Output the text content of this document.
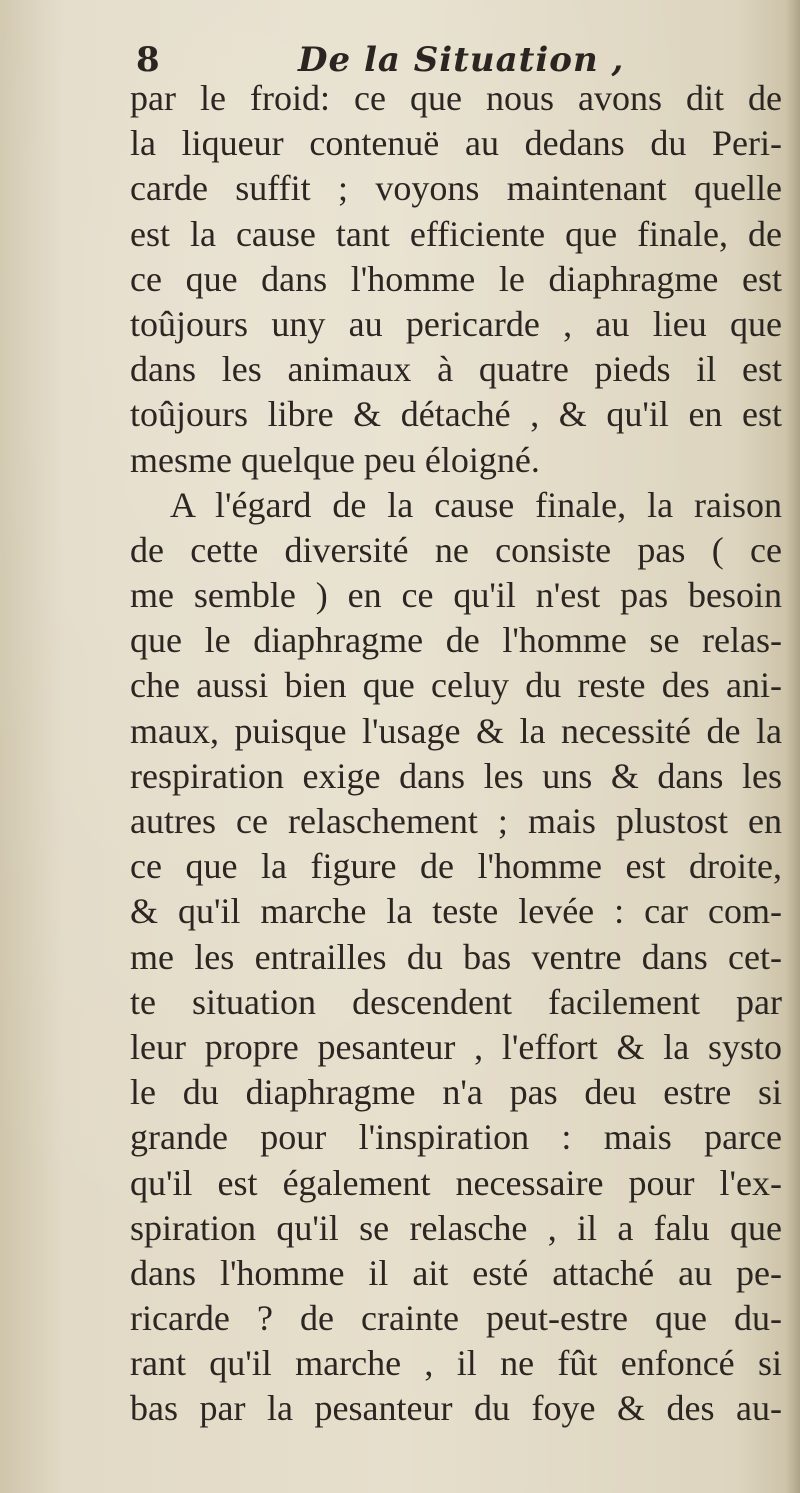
8	De la Situation ,
par le froid: ce que nous avons dit de
la liqueur contenuë au dedans du Peri-
carde suffit ; voyons maintenant quelle
est la cause tant efficiente que finale, de
ce que dans l'homme le diaphragme est
toûjours uny au pericarde , au lieu que
dans les animaux à quatre pieds il est
toûjours libre & détaché , & qu'il en est
mesme quelque peu éloigné.
A l'égard de la cause finale, la raison
de cette diversité ne consiste pas ( ce
me semble ) en ce qu'il n'est pas besoin
que le diaphragme de l'homme se relas-
che aussi bien que celuy du reste des ani-
maux, puisque l'usage & la necessité de la
respiration exige dans les uns & dans les
autres ce relaschement ; mais plustost en
ce que la figure de l'homme est droite,
& qu'il marche la teste levée : car com-
me les entrailles du bas ventre dans cet-
te situation descendent facilement par
leur propre pesanteur , l'effort & la systo
le du diaphragme n'a pas deu estre si
grande pour l'inspiration : mais parce
qu'il est également necessaire pour l'ex-
spiration qu'il se relasche , il a falu que
dans l'homme il ait esté attaché au pe-
ricarde ? de crainte peut-estre que du-
rant qu'il marche , il ne fût enfoncé si
bas par la pesanteur du foye & des au-
